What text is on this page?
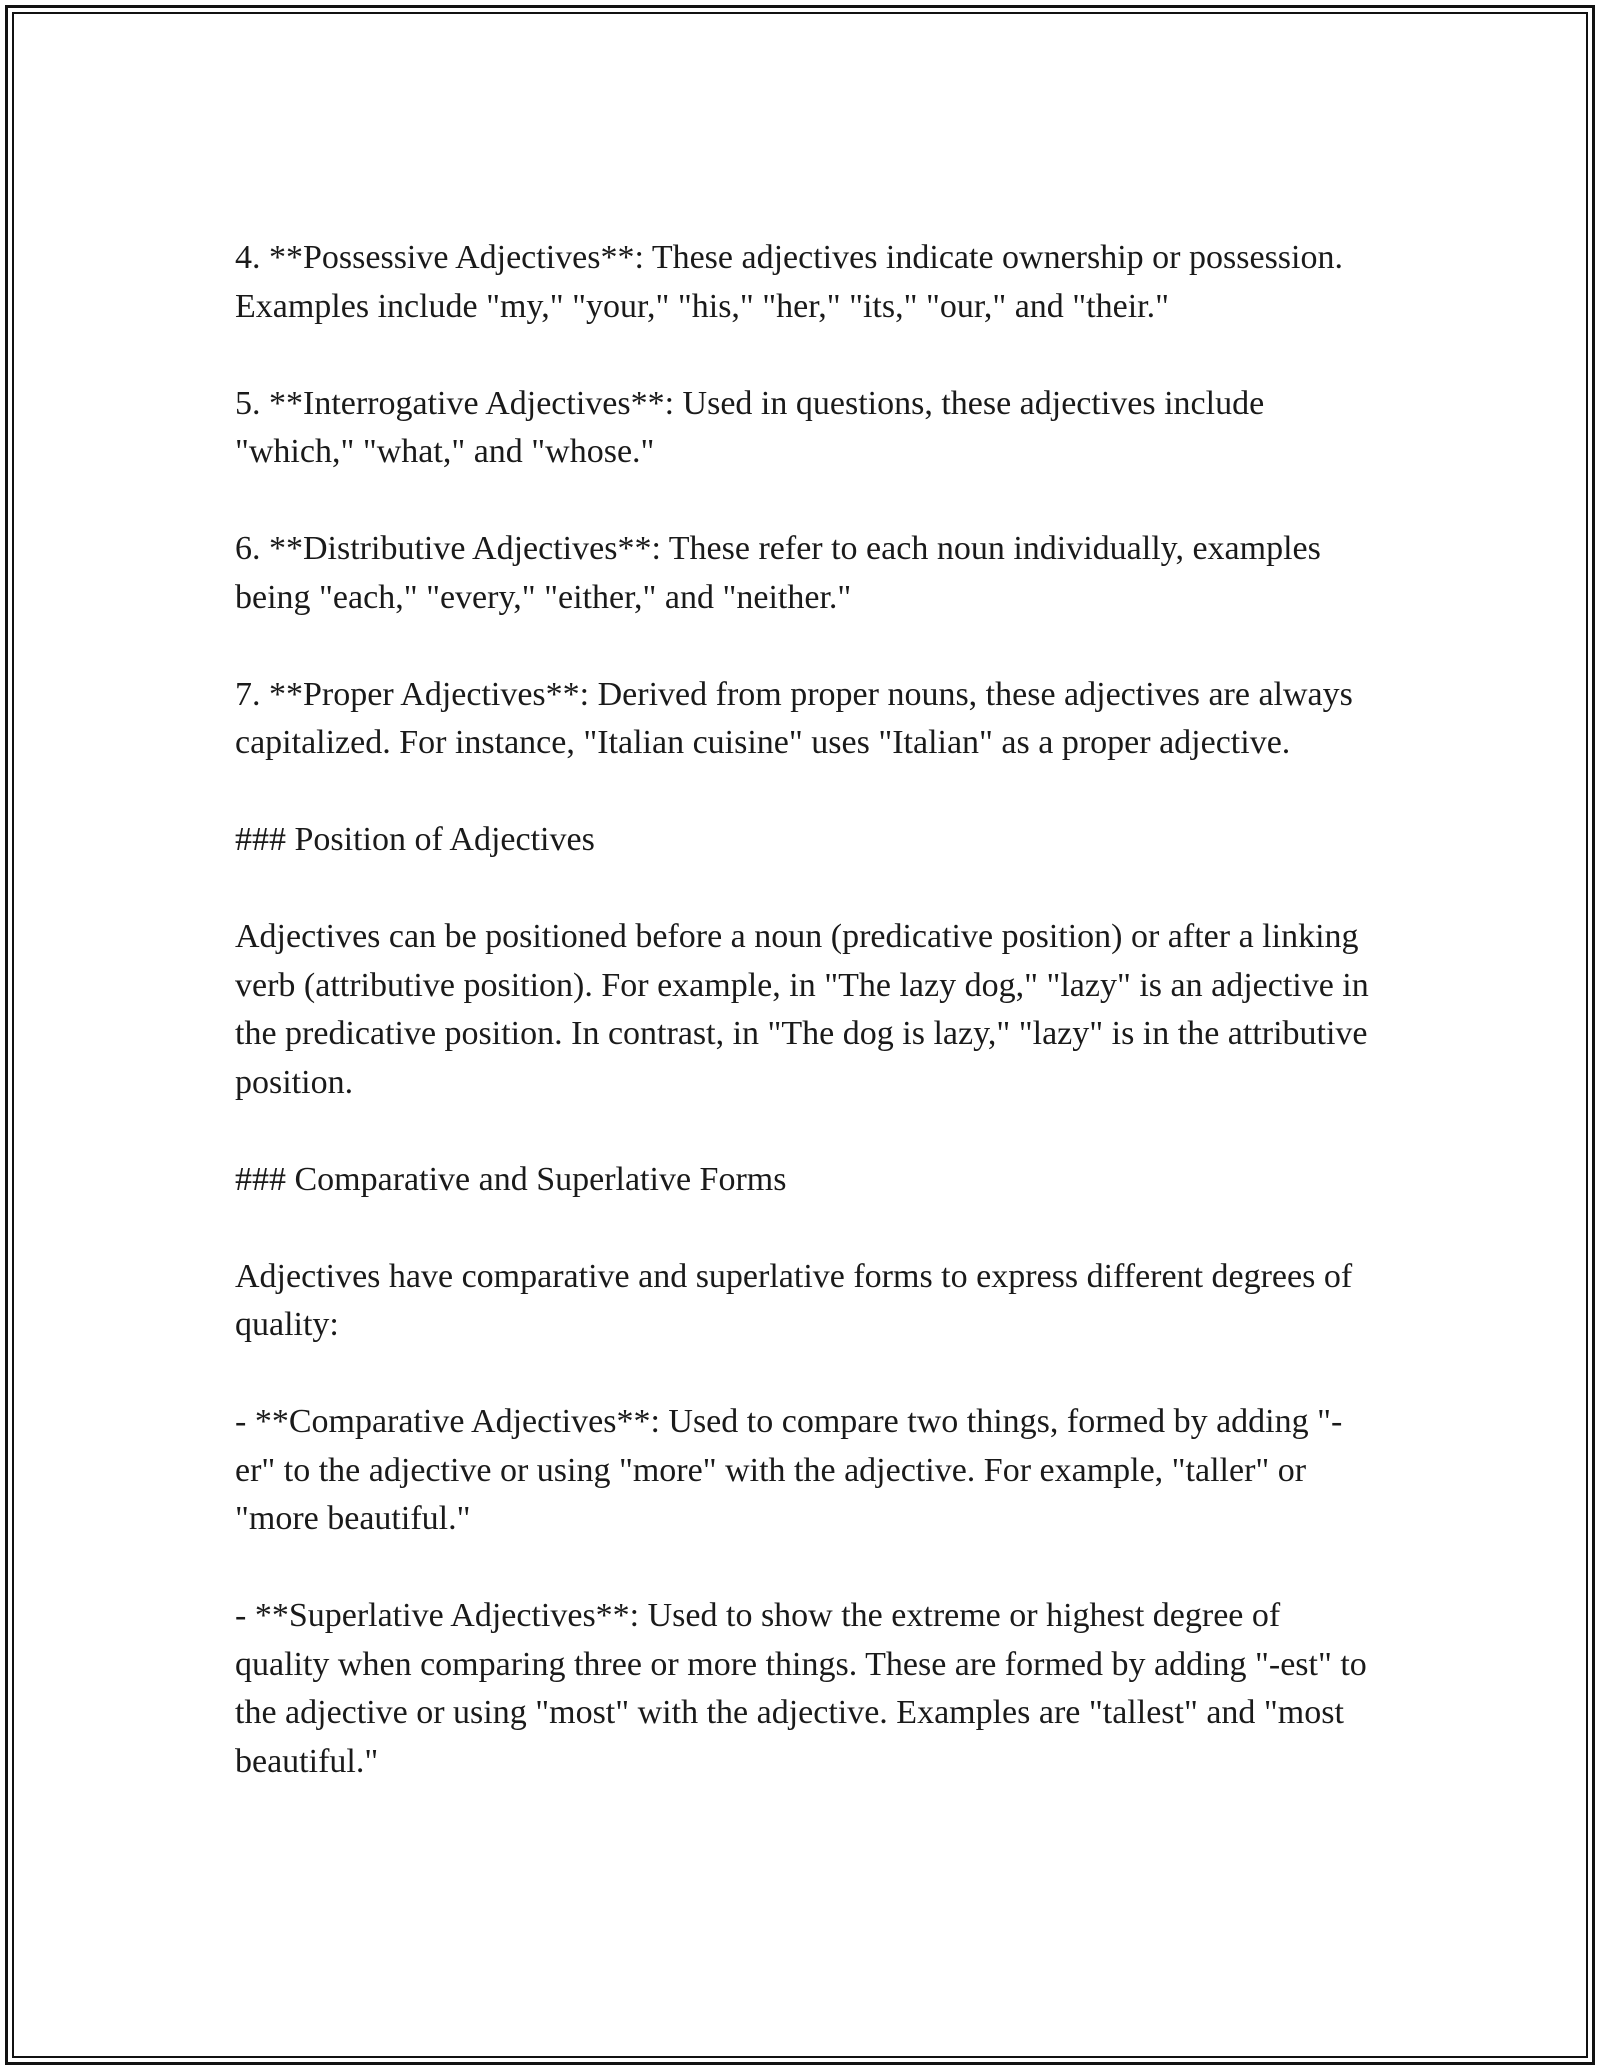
4. **Possessive Adjectives**: These adjectives indicate ownership or possession. Examples include "my," "your," "his," "her," "its," "our," and "their."

5. **Interrogative Adjectives**: Used in questions, these adjectives include "which," "what," and "whose."

6. **Distributive Adjectives**: These refer to each noun individually, examples being "each," "every," "either," and "neither."

7. **Proper Adjectives**: Derived from proper nouns, these adjectives are always capitalized. For instance, "Italian cuisine" uses "Italian" as a proper adjective.

### Position of Adjectives

Adjectives can be positioned before a noun (predicative position) or after a linking verb (attributive position). For example, in "The lazy dog," "lazy" is an adjective in the predicative position. In contrast, in "The dog is lazy," "lazy" is in the attributive position.

### Comparative and Superlative Forms

Adjectives have comparative and superlative forms to express different degrees of quality:

- **Comparative Adjectives**: Used to compare two things, formed by adding "-er" to the adjective or using "more" with the adjective. For example, "taller" or "more beautiful."

- **Superlative Adjectives**: Used to show the extreme or highest degree of quality when comparing three or more things. These are formed by adding "-est" to the adjective or using "most" with the adjective. Examples are "tallest" and "most beautiful."
